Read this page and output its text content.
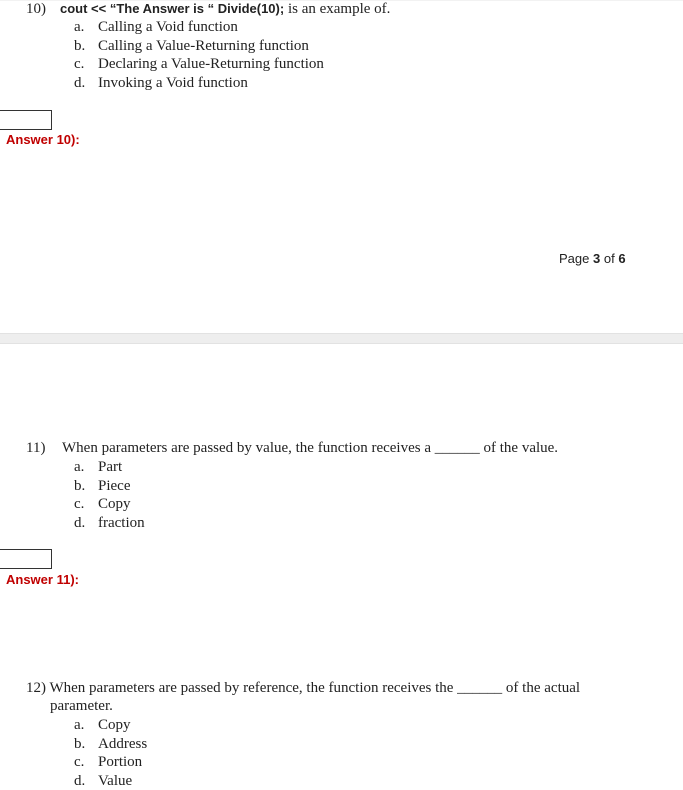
10) cout << “The Answer is “ Divide(10); is an example of.
a. Calling a Void function
b. Calling a Value-Returning function
c. Declaring a Value-Returning function
d. Invoking a Void function
Answer 10):
Page 3 of 6
11) When parameters are passed by value, the function receives a ______ of the value.
a. Part
b. Piece
c. Copy
d. fraction
Answer 11):
12) When parameters are passed by reference, the function receives the ______ of the actual
parameter.
a. Copy
b. Address
c. Portion
d. Value
